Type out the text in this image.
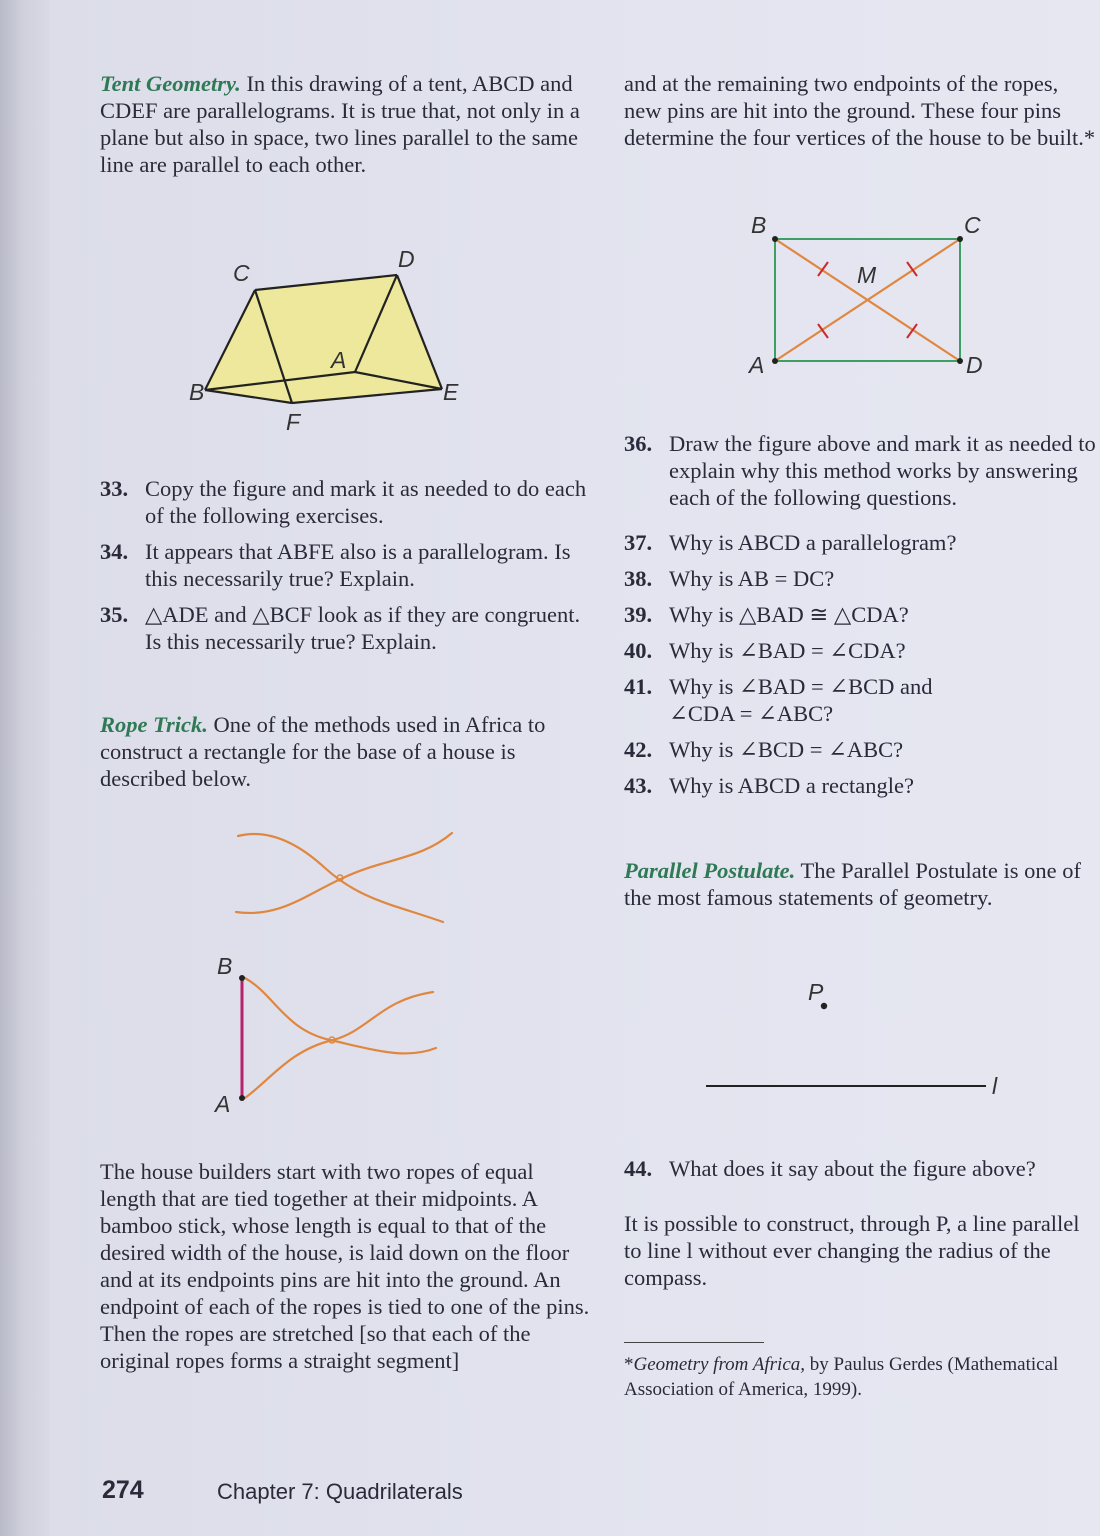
Tent Geometry. In this drawing of a tent, ABCD and CDEF are parallelograms. It is true that, not only in a plane but also in space, two lines parallel to the same line are parallel to each other.

C
D
A
B	E
F
33. Copy the figure and mark it as needed to do each of the following exercises.
34. It appears that ABFE also is a parallelogram. Is this necessarily true? Explain.
35. △ADE and △BCF look as if they are congruent. Is this necessarily true? Explain.

Rope Trick. One of the methods used in Africa to construct a rectangle for the base of a house is described below.

B
A

The house builders start with two ropes of equal length that are tied together at their midpoints. A bamboo stick, whose length is equal to that of the desired width of the house, is laid down on the floor and at its endpoints pins are hit into the ground. An endpoint of each of the ropes is tied to one of the pins. Then the ropes are stretched [so that each of the original ropes forms a straight segment]

and at the remaining two endpoints of the ropes, new pins are hit into the ground. These four pins determine the four vertices of the house to be built.*

B	C
M
A	D
36. Draw the figure above and mark it as needed to explain why this method works by answering each of the following questions.
37. Why is ABCD a parallelogram?
38. Why is AB = DC?
39. Why is △BAD ≅ △CDA?
40. Why is ∠BAD = ∠CDA?
41. Why is ∠BAD = ∠BCD and ∠CDA = ∠ABC?
42. Why is ∠BCD = ∠ABC?
43. Why is ABCD a rectangle?

Parallel Postulate. The Parallel Postulate is one of the most famous statements of geometry.

P
l
44. What does it say about the figure above?

It is possible to construct, through P, a line parallel to line l without ever changing the radius of the compass.

*Geometry from Africa, by Paulus Gerdes (Mathematical Association of America, 1999).

274	Chapter 7: Quadrilaterals
